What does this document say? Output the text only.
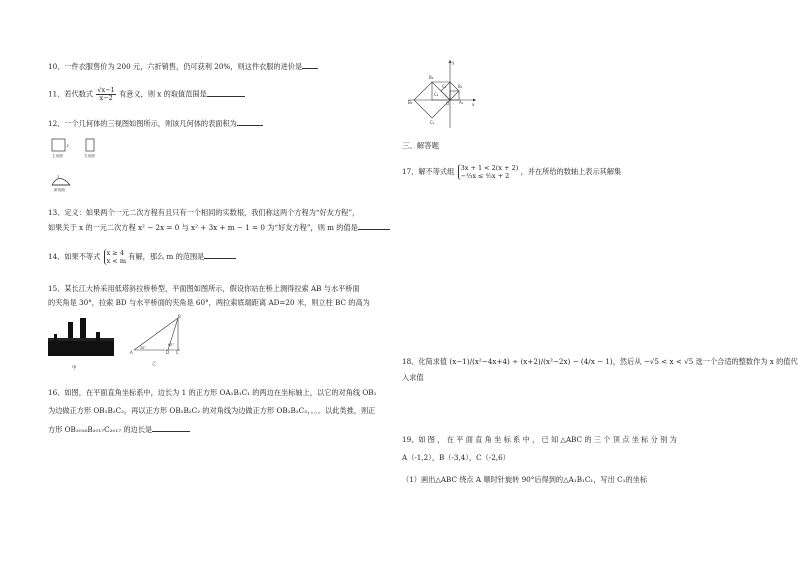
10、一件衣服售价为 200 元，六折销售，仍可获利 20%，则这件衣服的进价是
11、若代数式 $\frac{√x-1}{x-2}$ 有意义，则 x 的取值范围是
12、一个几何体的三视图如图所示，则该几何体的表面积为
2
2
主视图	左视图
俯视图
13、定义：如果两个一元二次方程有且只有一个相同的实数根，我们称这两个方程为“好友方程”，
如果关于 x 的一元二次方程 x² − 2x = 0 与 x² + 3x + m − 1 = 0 为“好友方程”，则 m 的值是
14、如果不等式 x ≥ 4
x < m 有解，那么 m 的范围是
15、某长江大桥采用低塔斜拉桥桥型，平面图如图所示，假设你站在桥上测得拉索 AB 与水平桥面
的夹角是 30°，拉索 BD 与水平桥面的夹角是 60°，两拉索底端距离 AD=20 米，则立柱 BC 的高为
甲
A
B
C
D
30°
60°
乙
16、如图，在平面直角坐标系中，边长为 1 的正方形 OA₁B₁C₁ 的两边在坐标轴上，以它的对角线 OB₁
为边做正方形 OB₁B₂C₂，再以正方形 OB₁B₂C₂ 的对角线为边做正方形 OB₂B₃C₃，。。。以此类推，则正
方形 OB₂₀₁₆B₂₀₁₇C₂₀₁₇ 的边长是
B₂
B₁
A₁
C₁
C₂
O
C₃
x
y
B₃
三、解答题
17、解不等式组 3x + 1 < 2(x + 2)
−⅓x ≤ ⁵⁄₃x + 2	，并在所给的数轴上表示其解集
18、化简求值 (x−1)/(x²−4x+4) ÷ (x+2)/(x²−2x) − (4/x − 1)，然后从 −√5 < x < √5 选一个合适的整数作为 x 的值代
入求值
19、如 图 ， 在 平 面 直 角 坐 标 系 中 ， 已 知 △ABC 的 三 个 顶 点 坐 标 分 别 为
A（-1,2），B（-3,4），C（-2,6）
（1）画出△ABC 绕点 A 顺时针旋转 90°后得到的△A₁B₁C₁，写出 C₁的坐标
